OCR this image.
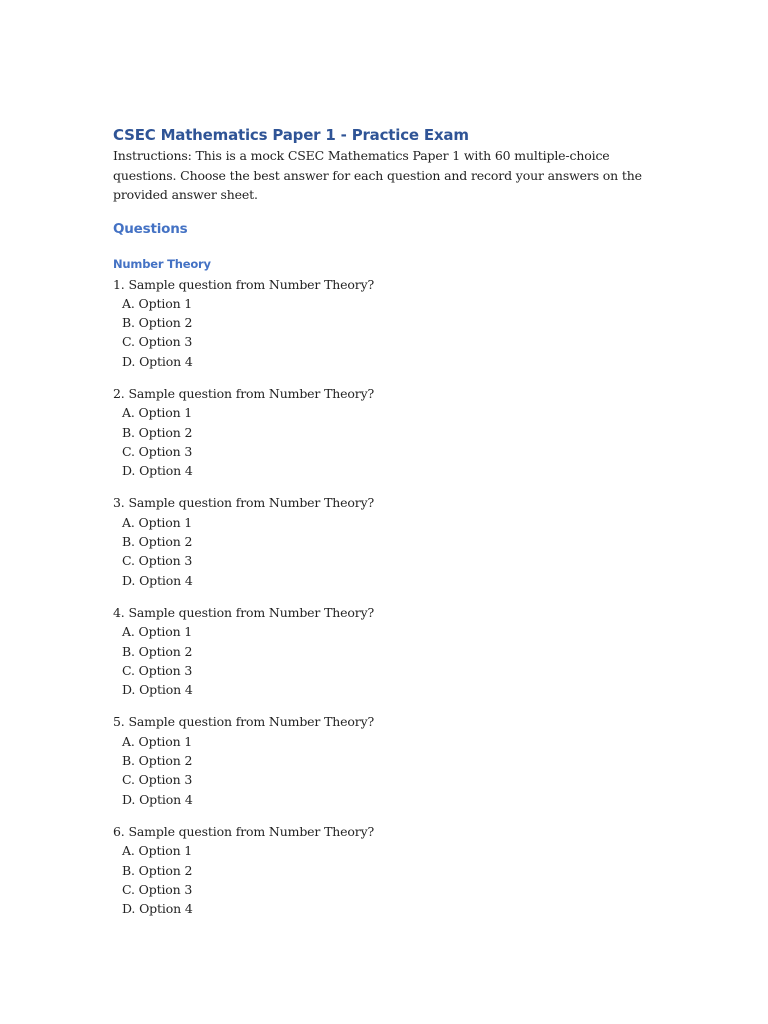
CSEC Mathematics Paper 1 - Practice Exam

Instructions: This is a mock CSEC Mathematics Paper 1 with 60 multiple-choice questions. Choose the best answer for each question and record your answers on the provided answer sheet.

Questions
Number Theory

1. Sample question from Number Theory?

A. Option 1

B. Option 2

C. Option 3

D. Option 4

2. Sample question from Number Theory?

A. Option 1

B. Option 2

C. Option 3

D. Option 4

3. Sample question from Number Theory?

A. Option 1

B. Option 2

C. Option 3

D. Option 4

4. Sample question from Number Theory?

A. Option 1

B. Option 2

C. Option 3

D. Option 4

5. Sample question from Number Theory?

A. Option 1

B. Option 2

C. Option 3

D. Option 4

6. Sample question from Number Theory?

A. Option 1

B. Option 2

C. Option 3

D. Option 4
